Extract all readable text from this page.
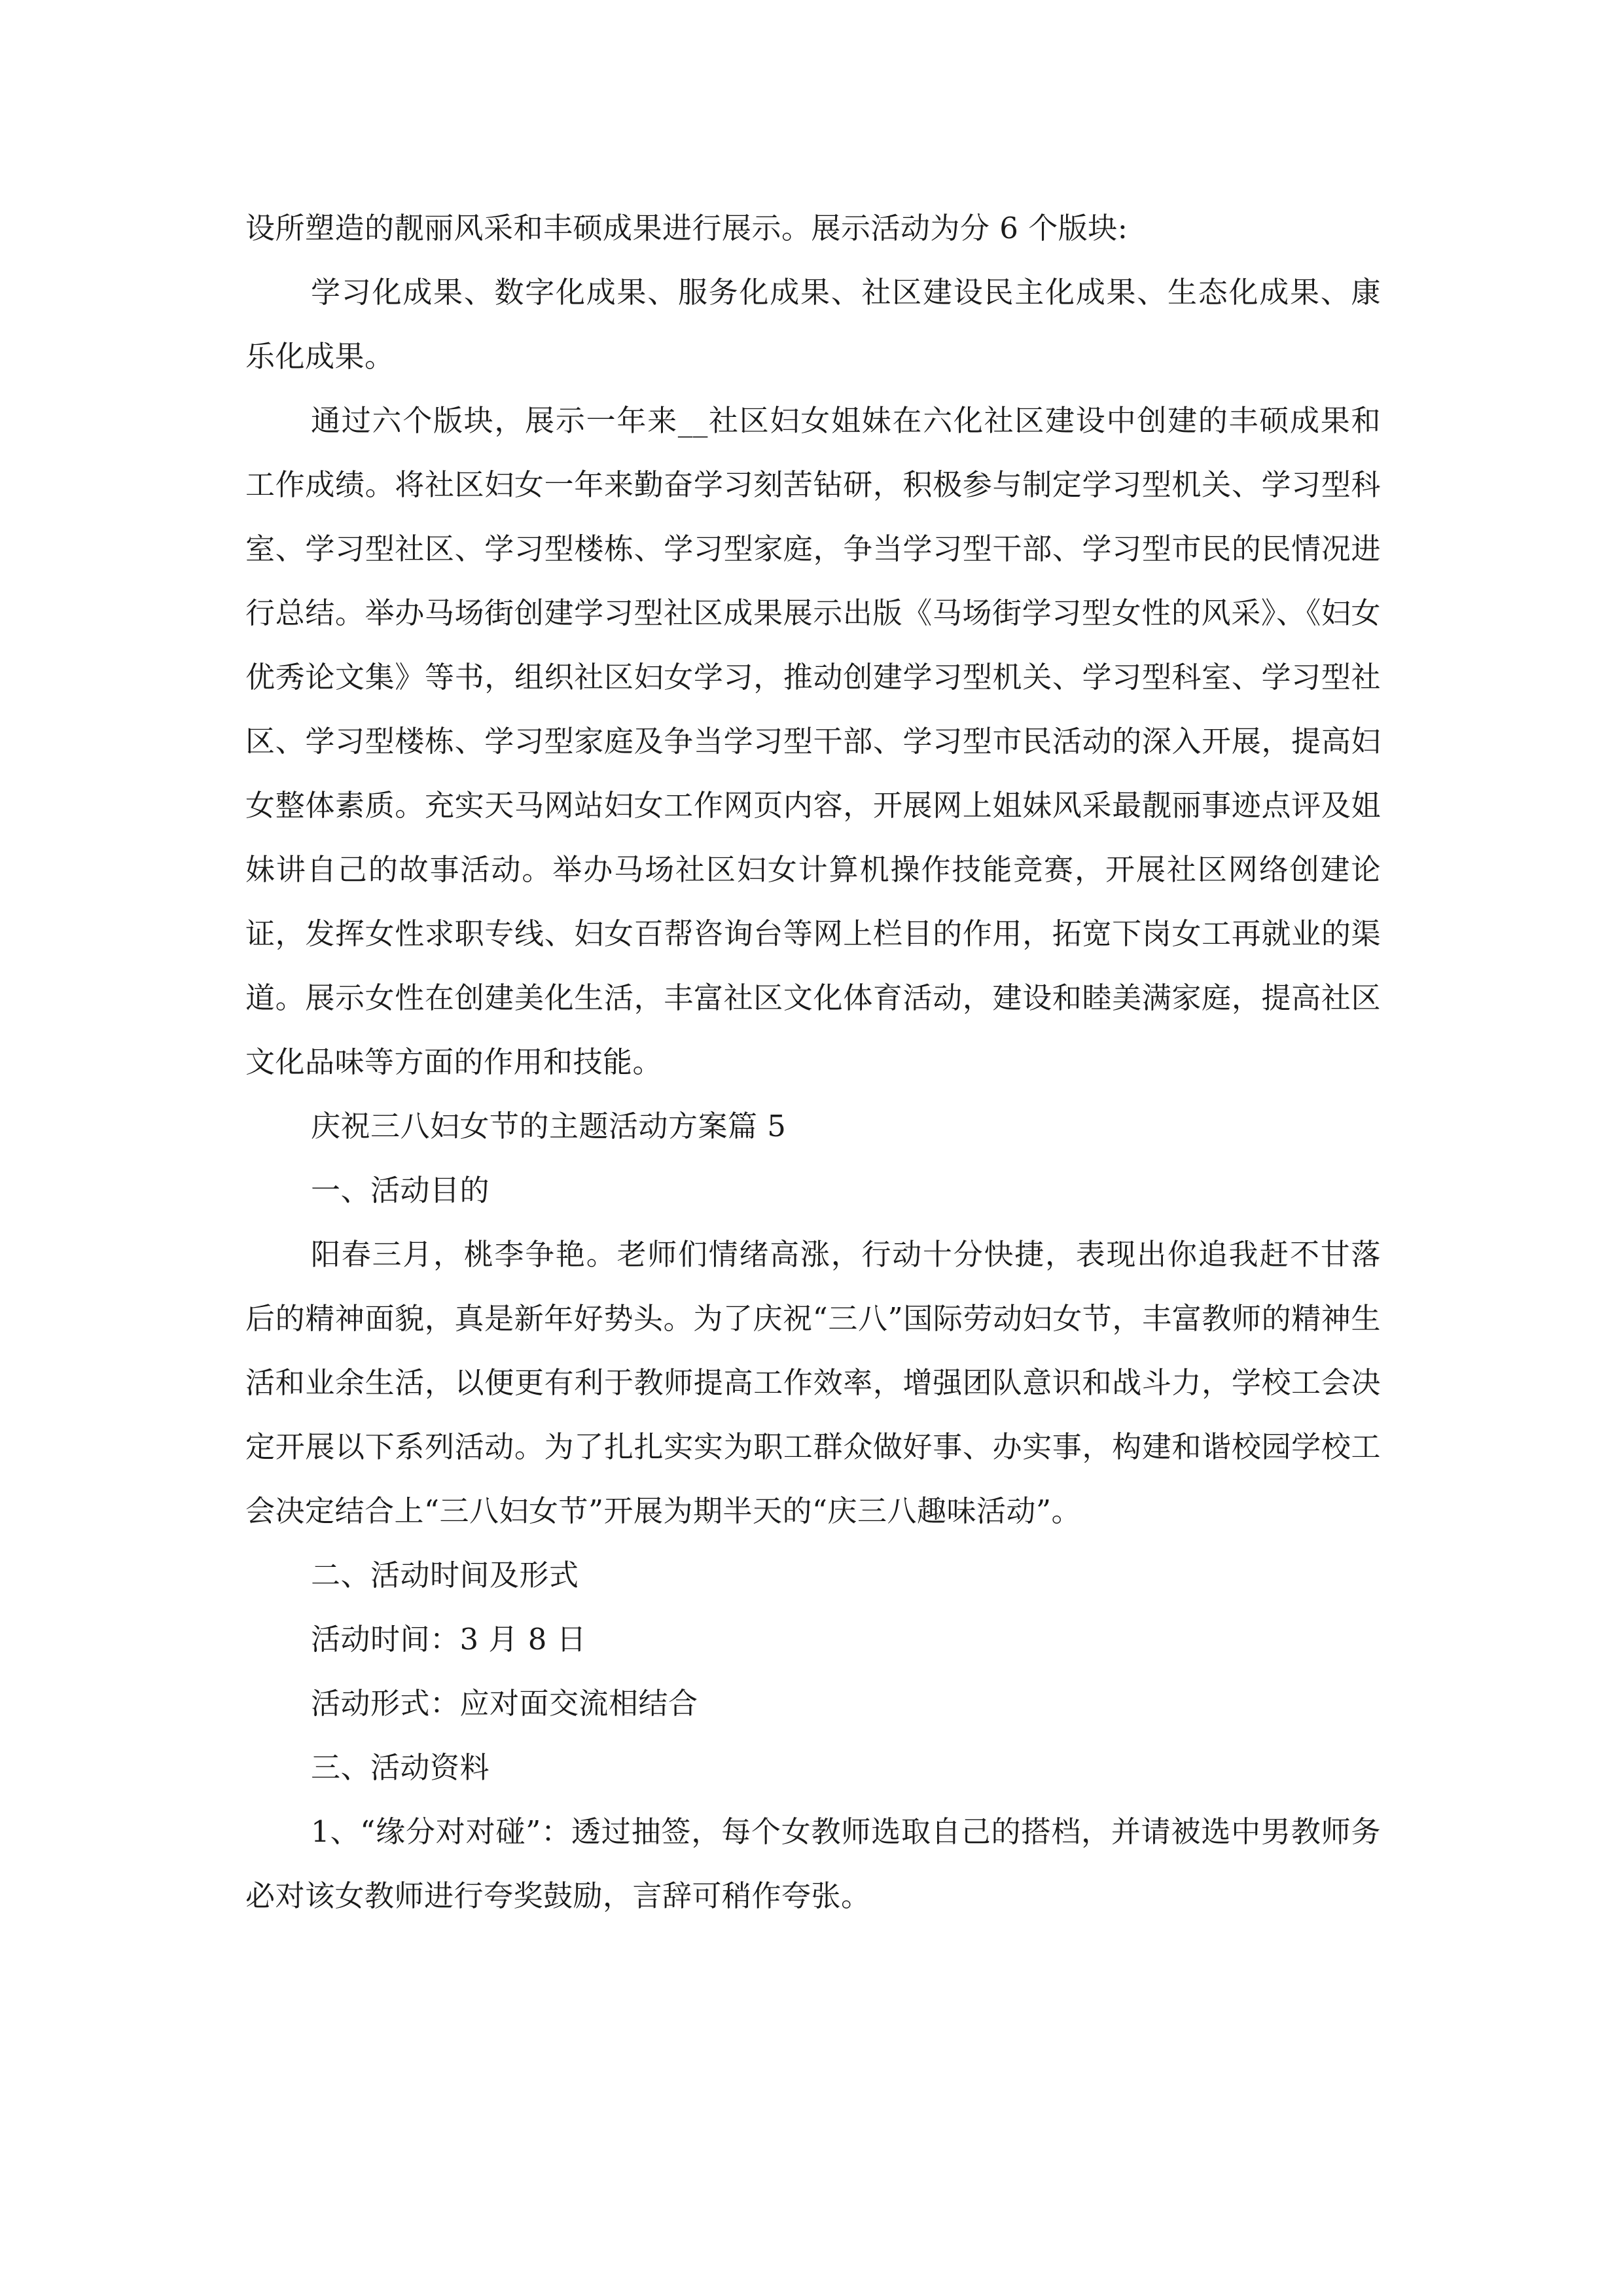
设所塑造的靓丽风采和丰硕成果进行展示。展示活动为分 6 个版块:

学习化成果、数字化成果、服务化成果、社区建设民主化成果、生态化成果、康乐化成果。

通过六个版块，展示一年来__社区妇女姐妹在六化社区建设中创建的丰硕成果和工作成绩。将社区妇女一年来勤奋学习刻苦钻研，积极参与制定学习型机关、学习型科室、学习型社区、学习型楼栋、学习型家庭，争当学习型干部、学习型市民的民情况进行总结。举办马场街创建学习型社区成果展示出版《马场街学习型女性的风采》、《妇女优秀论文集》等书，组织社区妇女学习，推动创建学习型机关、学习型科室、学习型社区、学习型楼栋、学习型家庭及争当学习型干部、学习型市民活动的深入开展，提高妇女整体素质。充实天马网站妇女工作网页内容，开展网上姐妹风采最靓丽事迹点评及姐妹讲自己的故事活动。举办马场社区妇女计算机操作技能竞赛，开展社区网络创建论证，发挥女性求职专线、妇女百帮咨询台等网上栏目的作用，拓宽下岗女工再就业的渠道。展示女性在创建美化生活，丰富社区文化体育活动，建设和睦美满家庭，提高社区文化品味等方面的作用和技能。

庆祝三八妇女节的主题活动方案篇 5

一、活动目的

阳春三月，桃李争艳。老师们情绪高涨，行动十分快捷，表现出你追我赶不甘落后的精神面貌，真是新年好势头。为了庆祝“三八”国际劳动妇女节，丰富教师的精神生活和业余生活，以便更有利于教师提高工作效率，增强团队意识和战斗力，学校工会决定开展以下系列活动。为了扎扎实实为职工群众做好事、办实事，构建和谐校园学校工会决定结合上“三八妇女节”开展为期半天的“庆三八趣味活动”。

二、活动时间及形式

活动时间：3 月 8 日

活动形式：应对面交流相结合

三、活动资料

1、“缘分对对碰”：透过抽签，每个女教师选取自己的搭档，并请被选中男教师务必对该女教师进行夸奖鼓励，言辞可稍作夸张。
